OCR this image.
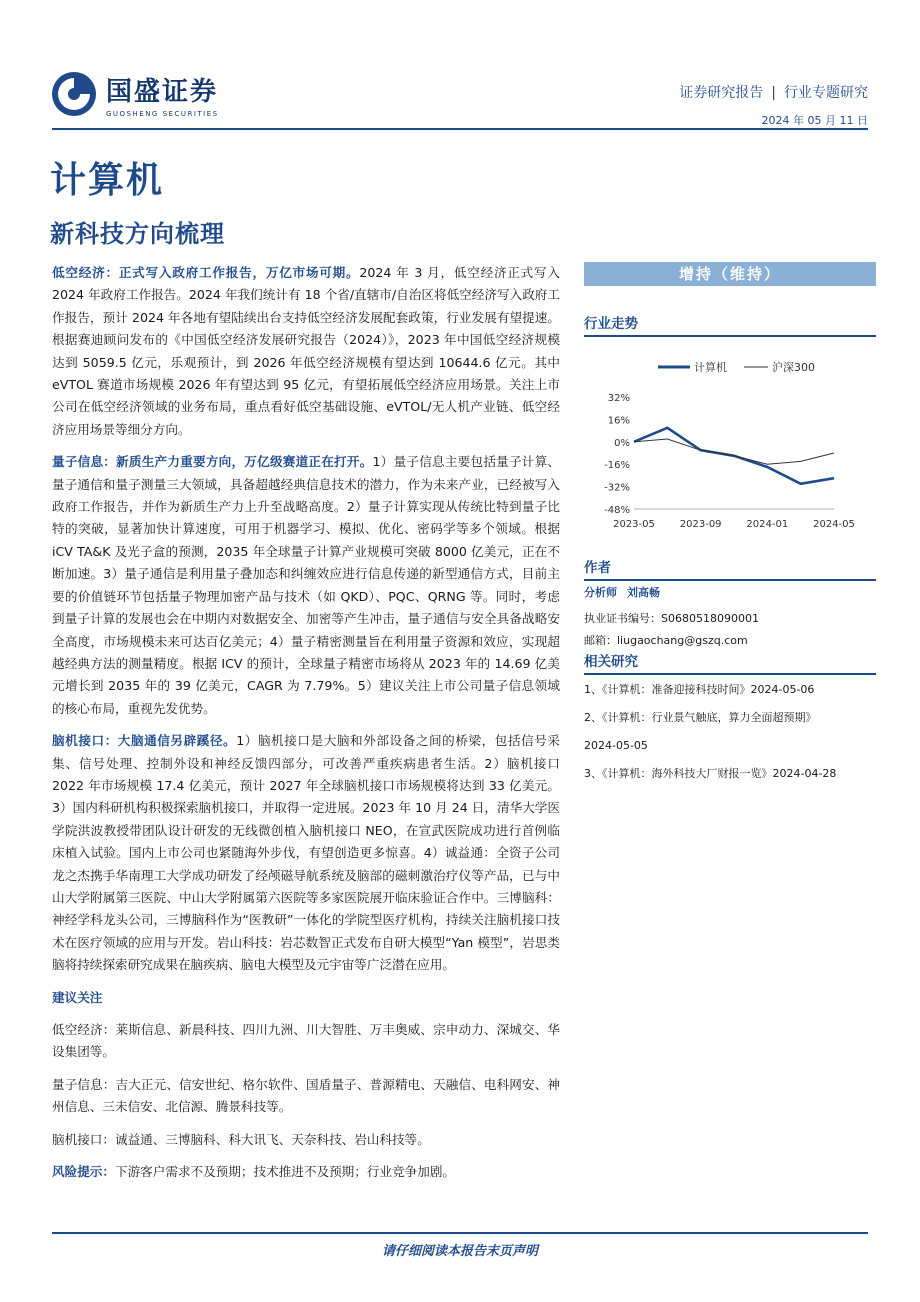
国盛证券
GUOSHENG SECURITIES
证券研究报告 | 行业专题研究
2024 年 05 月 11 日
计算机
新科技方向梳理

低空经济：正式写入政府工作报告，万亿市场可期。2024 年 3 月，低空经济正式写入 2024 年政府工作报告。2024 年我们统计有 18 个省/直辖市/自治区将低空经济写入政府工作报告，预计 2024 年各地有望陆续出台支持低空经济发展配套政策，行业发展有望提速。根据赛迪顾问发布的《中国低空经济发展研究报告（2024）》，2023 年中国低空经济规模达到 5059.5 亿元，乐观预计，到 2026 年低空经济规模有望达到 10644.6 亿元。其中 eVTOL 赛道市场规模 2026 年有望达到 95 亿元，有望拓展低空经济应用场景。关注上市公司在低空经济领域的业务布局，重点看好低空基础设施、eVTOL/无人机产业链、低空经济应用场景等细分方向。

量子信息：新质生产力重要方向，万亿级赛道正在打开。1）量子信息主要包括量子计算、量子通信和量子测量三大领域，具备超越经典信息技术的潜力，作为未来产业，已经被写入政府工作报告，并作为新质生产力上升至战略高度。2）量子计算实现从传统比特到量子比特的突破，显著加快计算速度，可用于机器学习、模拟、优化、密码学等多个领域。根据 iCV TA&K 及光子盒的预测，2035 年全球量子计算产业规模可突破 8000 亿美元，正在不断加速。3）量子通信是利用量子叠加态和纠缠效应进行信息传递的新型通信方式，目前主要的价值链环节包括量子物理加密产品与技术（如 QKD）、PQC、QRNG 等。同时，考虑到量子计算的发展也会在中期内对数据安全、加密等产生冲击，量子通信与安全具备战略安全高度，市场规模未来可达百亿美元；4）量子精密测量旨在利用量子资源和效应，实现超越经典方法的测量精度。根据 ICV 的预计，全球量子精密市场将从 2023 年的 14.69 亿美元增长到 2035 年的 39 亿美元，CAGR 为 7.79%。5）建议关注上市公司量子信息领域的核心布局，重视先发优势。

脑机接口：大脑通信另辟蹊径。1）脑机接口是大脑和外部设备之间的桥梁，包括信号采集、信号处理、控制外设和神经反馈四部分，可改善严重疾病患者生活。2）脑机接口 2022 年市场规模 17.4 亿美元，预计 2027 年全球脑机接口市场规模将达到 33 亿美元。3）国内科研机构积极探索脑机接口，并取得一定进展。2023 年 10 月 24 日，清华大学医学院洪波教授带团队设计研发的无线微创植入脑机接口 NEO，在宣武医院成功进行首例临床植入试验。国内上市公司也紧随海外步伐，有望创造更多惊喜。4）诚益通：全资子公司龙之杰携手华南理工大学成功研发了经颅磁导航系统及脑部的磁刺激治疗仪等产品，已与中山大学附属第三医院、中山大学附属第六医院等多家医院展开临床验证合作中。三博脑科：神经学科龙头公司，三博脑科作为“医教研”一体化的学院型医疗机构，持续关注脑机接口技术在医疗领域的应用与开发。岩山科技：岩芯数智正式发布自研大模型“Yan 模型”，岩思类脑将持续探索研究成果在脑疾病、脑电大模型及元宇宙等广泛潜在应用。

建议关注

低空经济：莱斯信息、新晨科技、四川九洲、川大智胜、万丰奥威、宗申动力、深城交、华设集团等。

量子信息：吉大正元、信安世纪、格尔软件、国盾量子、普源精电、天融信、电科网安、神州信息、三未信安、北信源、腾景科技等。

脑机接口：诚益通、三博脑科、科大讯飞、天奈科技、岩山科技等。

风险提示：下游客户需求不及预期；技术推进不及预期；行业竞争加剧。

增持（维持）
行业走势
计算机	沪深300
32%
16%
0%
-16%
-32%
-48%
2023-05 2023-09 2024-01 2024-05
作者
分析师 刘高畅
执业证书编号：S0680518090001
邮箱：liugaochang@gszq.com
相关研究
1、《计算机：准备迎接科技时间》2024-05-06
2、《计算机：行业景气触底，算力全面超预期》
2024-05-05
3、《计算机：海外科技大厂财报一览》2024-04-28
请仔细阅读本报告末页声明
